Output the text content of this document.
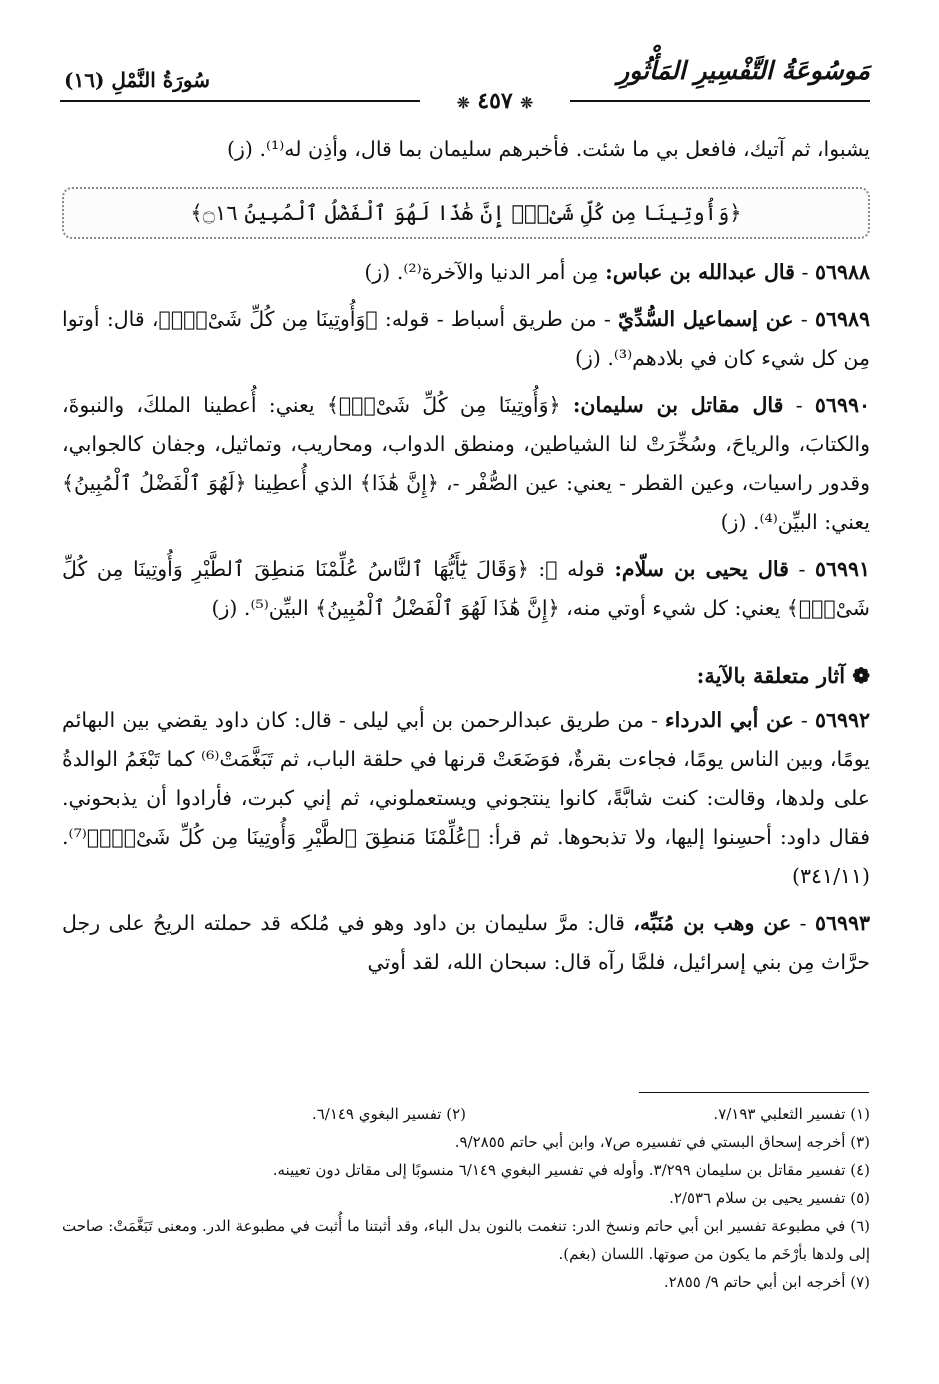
سُورَةُ النَّمْلِ (١٦)	مَوسُوعَةُ التَّفْسِيرِ المَأْثُورِ
❊ ٤٥٧ ❊

يشبوا، ثم آتيك، فافعل بي ما شئت. فأخبرهم سليمان بما قال، وأذِن له⁽¹⁾. (ز)

﴿وَأُوتِينَا مِن كُلِّ شَىْءٍۖ إِنَّ هَٰذَا لَهُوَ ٱلْفَضْلُ ٱلْمُبِينُ ۝١٦﴾

٥٦٩٨٨ - قال عبدالله بن عباس: مِن أمر الدنيا والآخرة⁽²⁾. (ز)

٥٦٩٨٩ - عن إسماعيل السُّدِّيّ - من طريق أسباط - قوله: ﴿وَأُوتِينَا مِن كُلِّ شَىْءٍۖ﴾، قال: أوتوا مِن كل شيء كان في بلادهم⁽³⁾. (ز)

٥٦٩٩٠ - قال مقاتل بن سليمان: ﴿وَأُوتِينَا مِن كُلِّ شَىْءٍۖ﴾ يعني: أُعطينا الملكَ، والنبوةَ، والكتابَ، والرياحَ، وسُخِّرَتْ لنا الشياطين، ومنطق الدواب، ومحاريب، وتماثيل، وجفان كالجوابي، وقدور راسيات، وعين القطر - يعني: عين الصُّفْر -، ﴿إِنَّ هَٰذَا﴾ الذي أُعطِينا ﴿لَهُوَ ٱلْفَضْلُ ٱلْمُبِينُ﴾ يعني: البيِّن⁽⁴⁾. (ز)

٥٦٩٩١ - قال يحيى بن سلّام: قوله ﷻ: ﴿وَقَالَ يَٰٓأَيُّهَا ٱلنَّاسُ عُلِّمْنَا مَنطِقَ ٱلطَّيْرِ وَأُوتِينَا مِن كُلِّ شَىْءٍۖ﴾ يعني: كل شيء أوتي منه، ﴿إِنَّ هَٰذَا لَهُوَ ٱلْفَضْلُ ٱلْمُبِينُ﴾ البيِّن⁽⁵⁾. (ز)

❁ آثار متعلقة بالآية:

٥٦٩٩٢ - عن أبي الدرداء - من طريق عبدالرحمن بن أبي ليلى - قال: كان داود يقضي بين البهائم يومًا، وبين الناس يومًا، فجاءت بقرةٌ، فوَضَعَتْ قرنها في حلقة الباب، ثم تَبَغَّمَتْ⁽⁶⁾ كما تَبْغَمُ الوالدةُ على ولدها، وقالت: كنت شابَّةً، كانوا ينتجوني ويستعملوني، ثم إني كبرت، فأرادوا أن يذبحوني. فقال داود: أحسِنوا إليها، ولا تذبحوها. ثم قرأ: ﴿عُلِّمْنَا مَنطِقَ ٱلطَّيْرِ وَأُوتِينَا مِن كُلِّ شَىْءٍۖ﴾⁽⁷⁾. (٣٤١/١١)

٥٦٩٩٣ - عن وهب بن مُنَبِّه، قال: مرَّ سليمان بن داود وهو في مُلكه قد حملته الريحُ على رجل حرَّاث مِن بني إسرائيل، فلمَّا رآه قال: سبحان الله، لقد أوتي

(١) تفسير الثعلبي ٧/١٩٣.
(٢) تفسير البغوي ٦/١٤٩.

(٣) أخرجه إسحاق البستي في تفسيره ص٧، وابن أبي حاتم ٩/٢٨٥٥.

(٤) تفسير مقاتل بن سليمان ٣/٢٩٩. وأوله في تفسير البغوي ٦/١٤٩ منسوبًا إلى مقاتل دون تعيينه.

(٥) تفسير يحيى بن سلام ٢/٥٣٦.

(٦) في مطبوعة تفسير ابن أبي حاتم ونسخ الدر: تنغمت بالنون بدل الباء، وقد أثبتنا ما أُثبت في مطبوعة الدر. ومعنى تَبَغَّمَتْ: صاحت إلى ولدها بأرْخَم ما يكون من صوتها. اللسان (بغم).

(٧) أخرجه ابن أبي حاتم ٩/ ٢٨٥٥.
